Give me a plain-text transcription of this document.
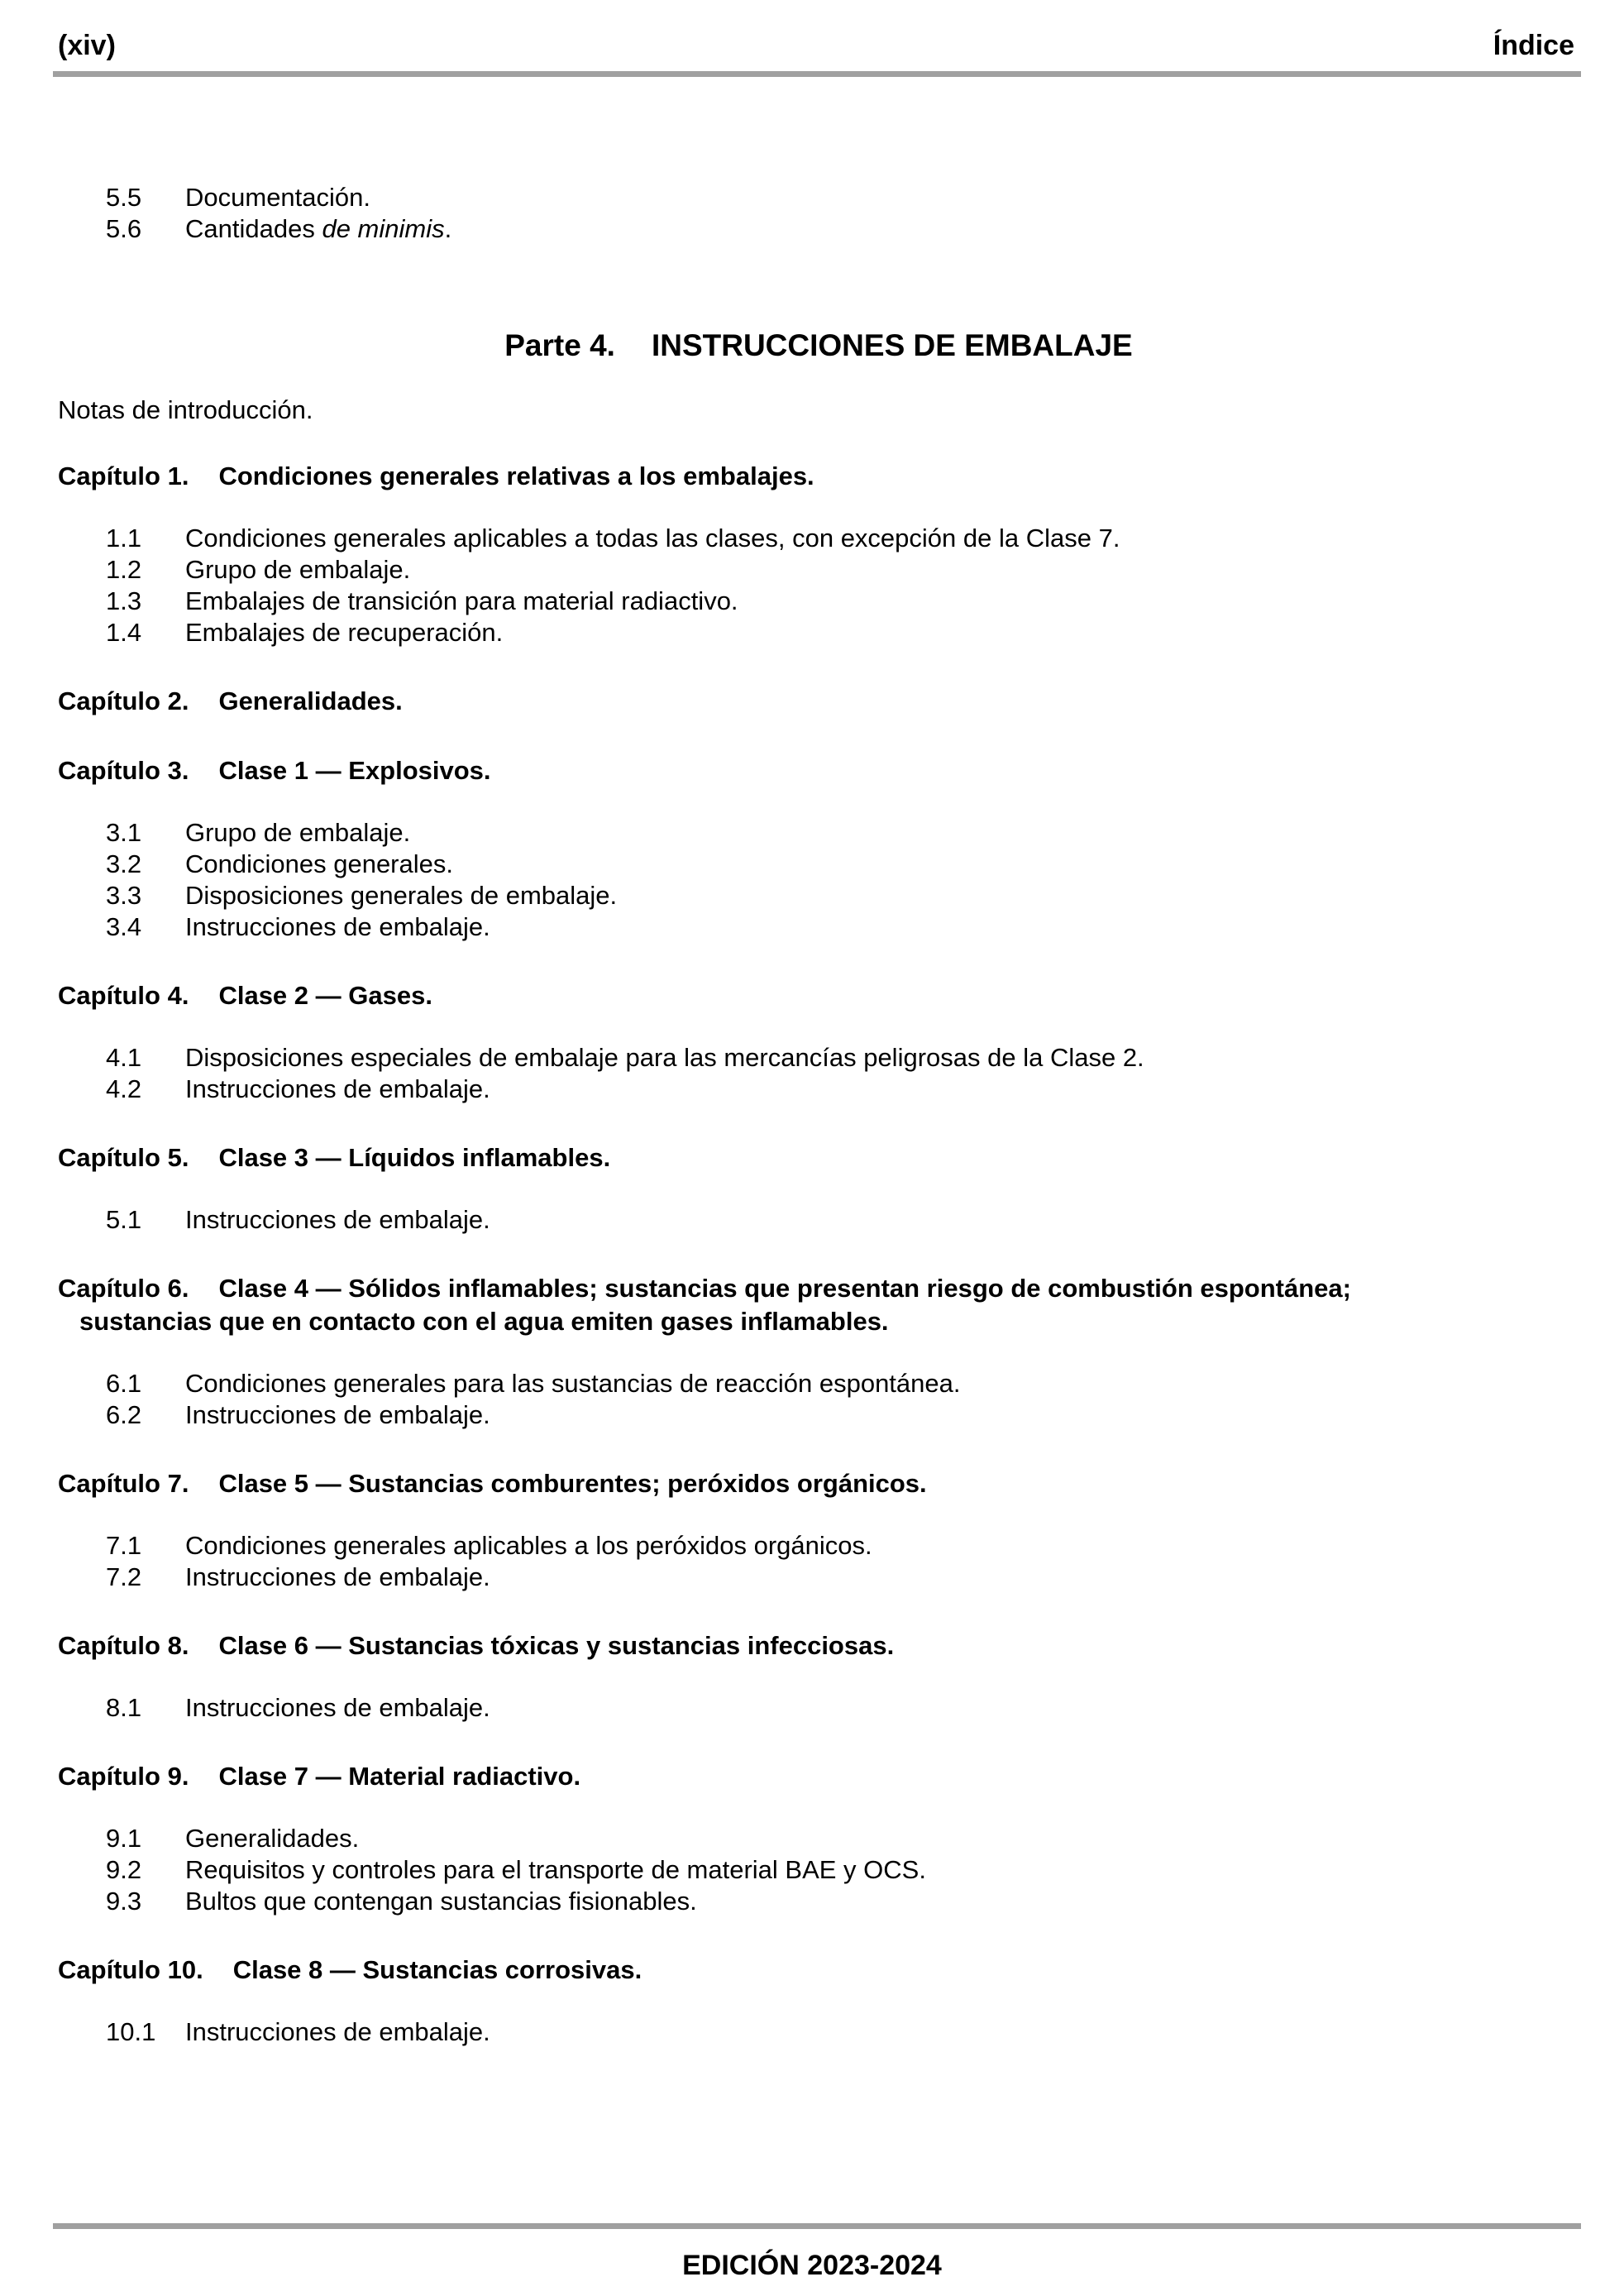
(xiv)	Índice
5.5	Documentación.
5.6	Cantidades de minimis.
Parte 4. INSTRUCCIONES DE EMBALAJE
Notas de introducción.
Capítulo 1. Condiciones generales relativas a los embalajes.
1.1	Condiciones generales aplicables a todas las clases, con excepción de la Clase 7.
1.2	Grupo de embalaje.
1.3	Embalajes de transición para material radiactivo.
1.4	Embalajes de recuperación.
Capítulo 2. Generalidades.
Capítulo 3. Clase 1 — Explosivos.
3.1	Grupo de embalaje.
3.2	Condiciones generales.
3.3	Disposiciones generales de embalaje.
3.4	Instrucciones de embalaje.
Capítulo 4. Clase 2 — Gases.
4.1	Disposiciones especiales de embalaje para las mercancías peligrosas de la Clase 2.
4.2	Instrucciones de embalaje.
Capítulo 5. Clase 3 — Líquidos inflamables.
5.1	Instrucciones de embalaje.
Capítulo 6. Clase 4 — Sólidos inflamables; sustancias que presentan riesgo de combustión espontánea;
sustancias que en contacto con el agua emiten gases inflamables.
6.1	Condiciones generales para las sustancias de reacción espontánea.
6.2	Instrucciones de embalaje.
Capítulo 7. Clase 5 — Sustancias comburentes; peróxidos orgánicos.
7.1	Condiciones generales aplicables a los peróxidos orgánicos.
7.2	Instrucciones de embalaje.
Capítulo 8. Clase 6 — Sustancias tóxicas y sustancias infecciosas.
8.1	Instrucciones de embalaje.
Capítulo 9. Clase 7 — Material radiactivo.
9.1	Generalidades.
9.2	Requisitos y controles para el transporte de material BAE y OCS.
9.3	Bultos que contengan sustancias fisionables.
Capítulo 10. Clase 8 — Sustancias corrosivas.
10.1	Instrucciones de embalaje.
EDICIÓN 2023-2024
